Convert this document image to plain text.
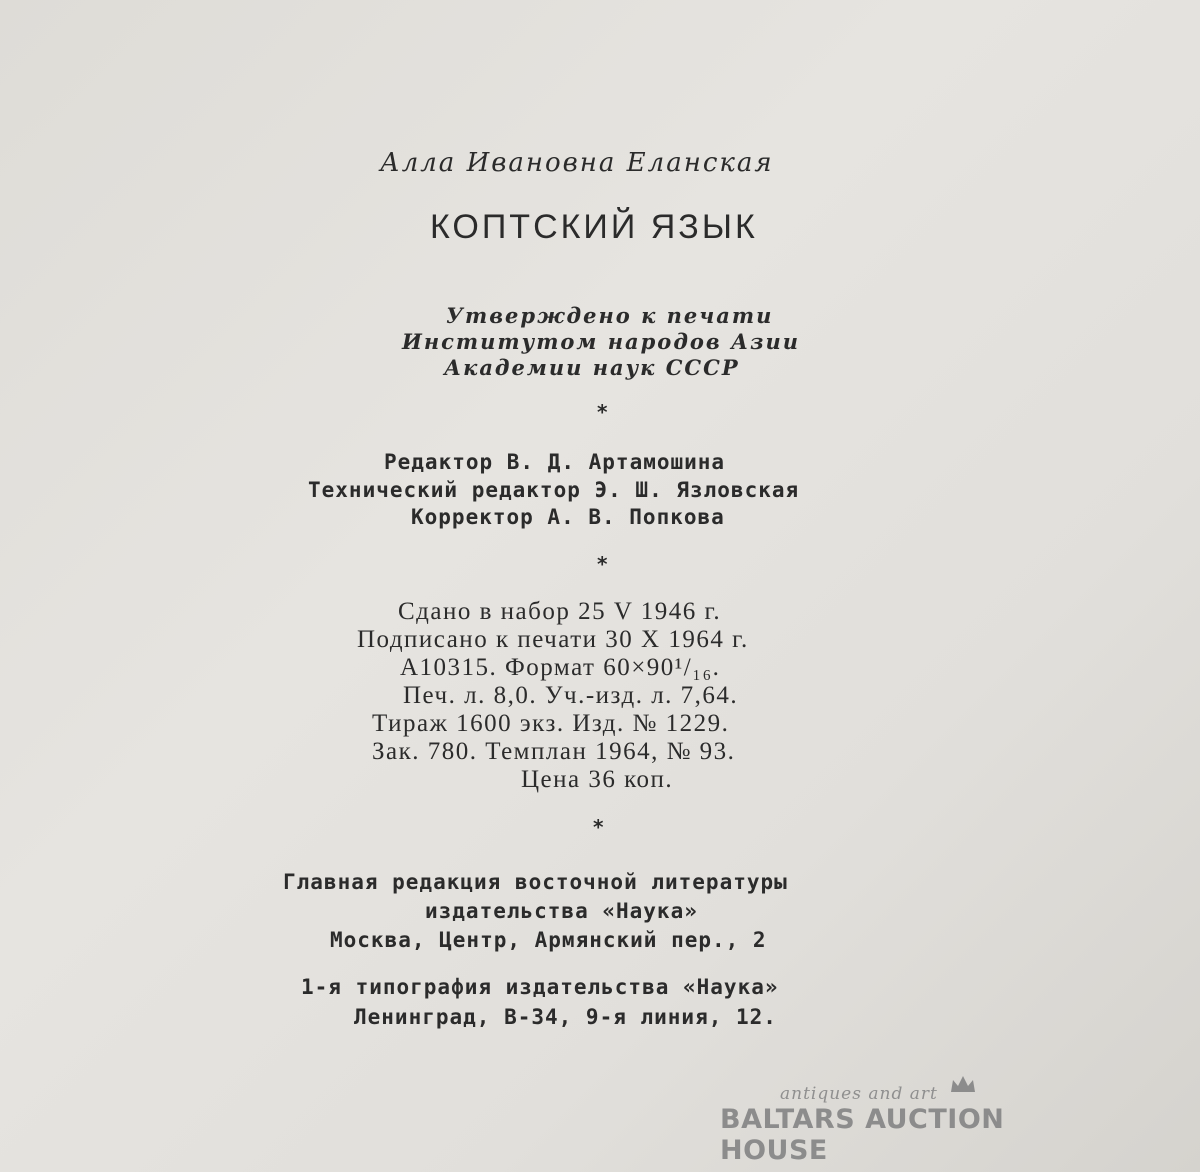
Алла Ивановна Еланская
КОПТСКИЙ ЯЗЫК
Утверждено к печати
Институтом народов Азии
Академии наук СССР
*
Редактор В. Д. Артамошина
Технический редактор Э. Ш. Язловская
Корректор А. В. Попкова
*
Сдано в набор 25 V 1946 г.
Подписано к печати 30 X 1964 г.
А10315. Формат 60×90¹/₁₆.
Печ. л. 8,0. Уч.-изд. л. 7,64.
Тираж 1600 экз. Изд. № 1229.
Зак. 780. Темплан 1964, № 93.
Цена 36 коп.
*
Главная редакция восточной литературы
издательства «Наука»
Москва, Центр, Армянский пер., 2
1-я типография издательства «Наука»
Ленинград, В-34, 9-я линия, 12.
antiques and art
BALTARS AUCTION HOUSE
